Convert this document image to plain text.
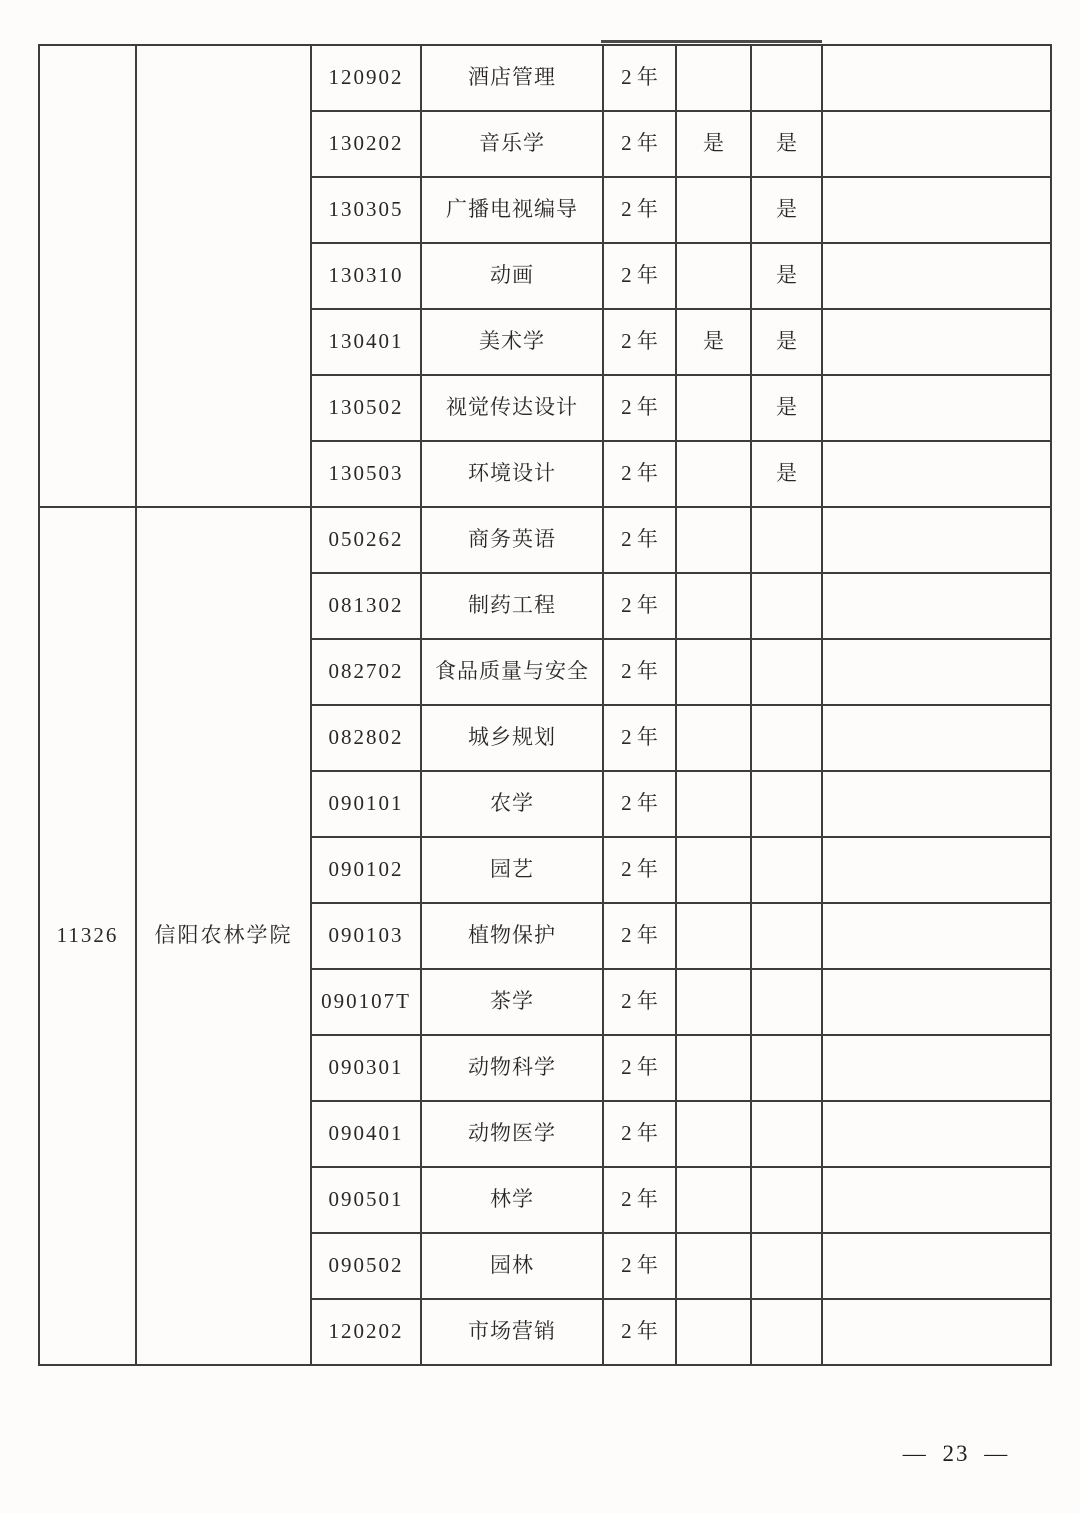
		120902	酒店管理	2 年			
		130202	音乐学	2 年	是	是	
		130305	广播电视编导	2 年		是	
		130310	动画	2 年		是	
		130401	美术学	2 年	是	是	
		130502	视觉传达设计	2 年		是	
		130503	环境设计	2 年		是	
11326	信阳农林学院	050262	商务英语	2 年			
		081302	制药工程	2 年			
		082702	食品质量与安全	2 年			
		082802	城乡规划	2 年			
		090101	农学	2 年			
		090102	园艺	2 年			
		090103	植物保护	2 年			
		090107T	茶学	2 年			
		090301	动物科学	2 年			
		090401	动物医学	2 年			
		090501	林学	2 年			
		090502	园林	2 年			
		120202	市场营销	2 年			
— 23 —
